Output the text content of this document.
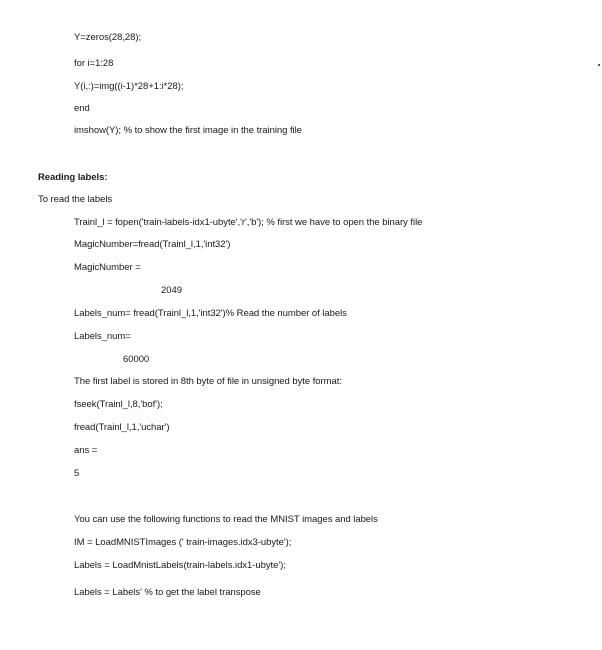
Y=zeros(28,28);
for i=1:28
Y(i,:)=img((i-1)*28+1:i*28);
end
imshow(Y); % to show the first image in the training file
Reading labels:
To read the labels
Trainl_l = fopen('train-labels-idx1-ubyte','r','b'); % first we have to open the binary file
MagicNumber=fread(Trainl_l,1,'int32')
MagicNumber =
2049
Labels_num= fread(Trainl_l,1,'int32')% Read the number of labels
Labels_num=
60000
The first label is stored in 8th byte of file in unsigned byte format:
fseek(Trainl_l,8,'bof');
fread(Trainl_l,1,'uchar')
ans =
5
You can use the following functions to read the MNIST images and labels
IM = LoadMNISTImages (' train-images.idx3-ubyte');
Labels = LoadMnistLabels(train-labels.idx1-ubyte');
Labels = Labels' % to get the label transpose
